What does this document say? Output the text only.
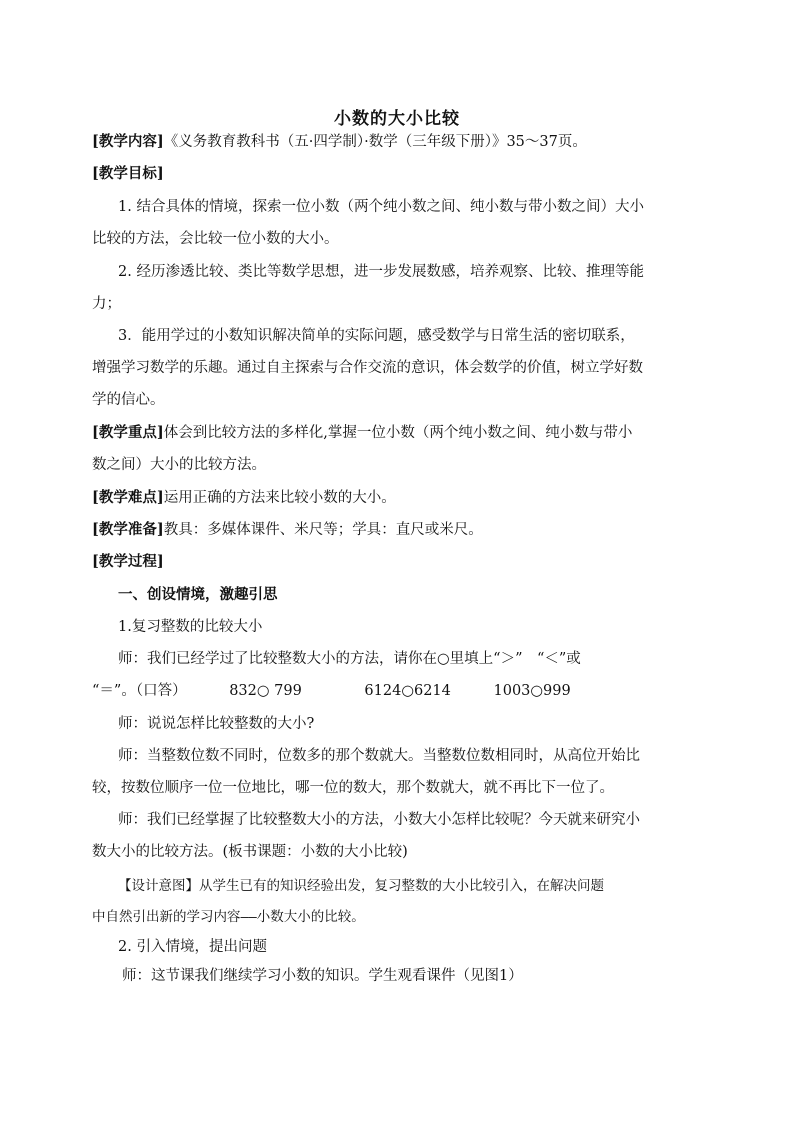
小数的大小比较
[教学内容]《义务教育教科书（五·四学制）·数学（三年级下册）》35～37页。
[教学目标]
1. 结合具体的情境，探索一位小数（两个纯小数之间、纯小数与带小数之间）大小
比较的方法，会比较一位小数的大小。
2. 经历渗透比较、类比等数学思想，进一步发展数感，培养观察、比较、推理等能
力；
3．能用学过的小数知识解决简单的实际问题，感受数学与日常生活的密切联系，
增强学习数学的乐趣。通过自主探索与合作交流的意识，体会数学的价值，树立学好数
学的信心。
[教学重点]体会到比较方法的多样化,掌握一位小数（两个纯小数之间、纯小数与带小
数之间）大小的比较方法。
[教学难点]运用正确的方法来比较小数的大小。
[教学准备]教具：多媒体课件、米尺等；学具：直尺或米尺。
[教学过程]
一、创设情境，激趣引思
1.复习整数的比较大小
师：我们已经学过了比较整数大小的方法，请你在○里填上“＞”　“＜”或
“＝”。（口答）	832○ 799	6124○6214	1003○999
师：说说怎样比较整数的大小?
师：当整数位数不同时，位数多的那个数就大。当整数位数相同时，从高位开始比
较，按数位顺序一位一位地比，哪一位的数大，那个数就大，就不再比下一位了。
师：我们已经掌握了比较整数大小的方法，小数大小怎样比较呢？今天就来研究小
数大小的比较方法。(板书课题：小数的大小比较)
【设计意图】从学生已有的知识经验出发，复习整数的大小比较引入，在解决问题
中自然引出新的学习内容——小数大小的比较。
2. 引入情境，提出问题
师：这节课我们继续学习小数的知识。学生观看课件（见图1）
